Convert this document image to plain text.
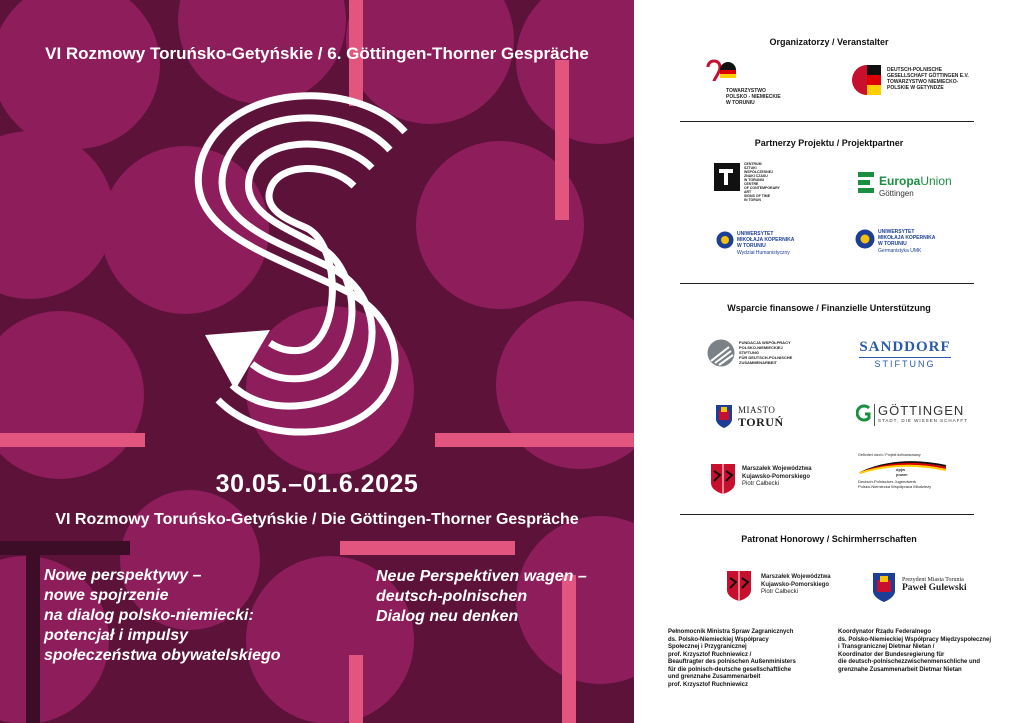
VI Rozmowy Toruńsko-Getyńskie / 6. Göttingen-Thorner Gespräche

30.05.–01.6.2025

VI Rozmowy Toruńsko-Getyńskie / Die Göttingen-Thorner Gespräche

Nowe perspektywy –
nowe spojrzenie
na dialog polsko-niemiecki:
potencjał i impulsy
społeczeństwa obywatelskiego
Neue Perspektiven wagen –
deutsch-polnischen
Dialog neu denken
Organizatorzy / Veranstalter
TOWARZYSTWO
POLSKO - NIEMIECKIE
W TORUNIU
DEUTSCH-POLNISCHE
GESELLSCHAFT GÖTTINGEN E.V.
TOWARZYSTWO NIEMIECKO-
POLSKIE W GETYNDZE
Partnerzy Projektu / Projektpartner
CENTRUM
SZTUKI
WSPÓŁCZESNEJ
ZNAKI CZASU
W TORUNIU
CENTRE
OF CONTEMPORARY
ART
SIGNS OF TIME
IN TORUN
EuropaUnion
Göttingen
UNIWERSYTET
MIKOŁAJA KOPERNIKA
W TORUNIU
Wydział Humanistyczny
UNIWERSYTET
MIKOŁAJA KOPERNIKA
W TORUNIU
Germanistyka UMK
Wsparcie finansowe / Finanzielle Unterstützung
FUNDACJA WSPÓŁPRACY
POLSKO-NIEMIECKIEJ
STIFTUNG
FÜR DEUTSCH-POLNISCHE
ZUSAMMENARBEIT
SANDDORF
STIFTUNG
MIASTO
TORUŃ
GÖTTINGEN
STADT, DIE WISSEN SCHAFFT
Marszałek Województwa
Kujawsko-Pomorskiego
Piotr Całbecki
Gefördert durch / Projekt dofinansowany
dpjw
pnwm
Deutsch-Polnisches Jugendwerk
Polsko-Niemiecka Współpraca Młodzieży
Patronat Honorowy / Schirmherrschaften
Marszałek Województwa
Kujawsko-Pomorskiego
Piotr Całbecki
Prezydent Miasta Torunia
Paweł Gulewski
Pełnomocnik Ministra Spraw Zagranicznych
ds. Polsko-Niemieckiej Współpracy
Społecznej i Przygranicznej
prof. Krzysztof Ruchniewicz /
Beauftragter des polnischen Außenministers
für die polnisch-deutsche gesellschaftliche
und grenznahe Zusammenarbeit
prof. Krzysztof Ruchniewicz
Koordynator Rządu Federalnego
ds. Polsko-Niemieckiej Współpracy Międzyspołecznej
i Transgranicznej Dietmar Nietan /
Koordinator der Bundesregierung für
die deutsch-polnischezzwischenmenschliche und
grenznahe Zusammenarbeit Dietmar Nietan
